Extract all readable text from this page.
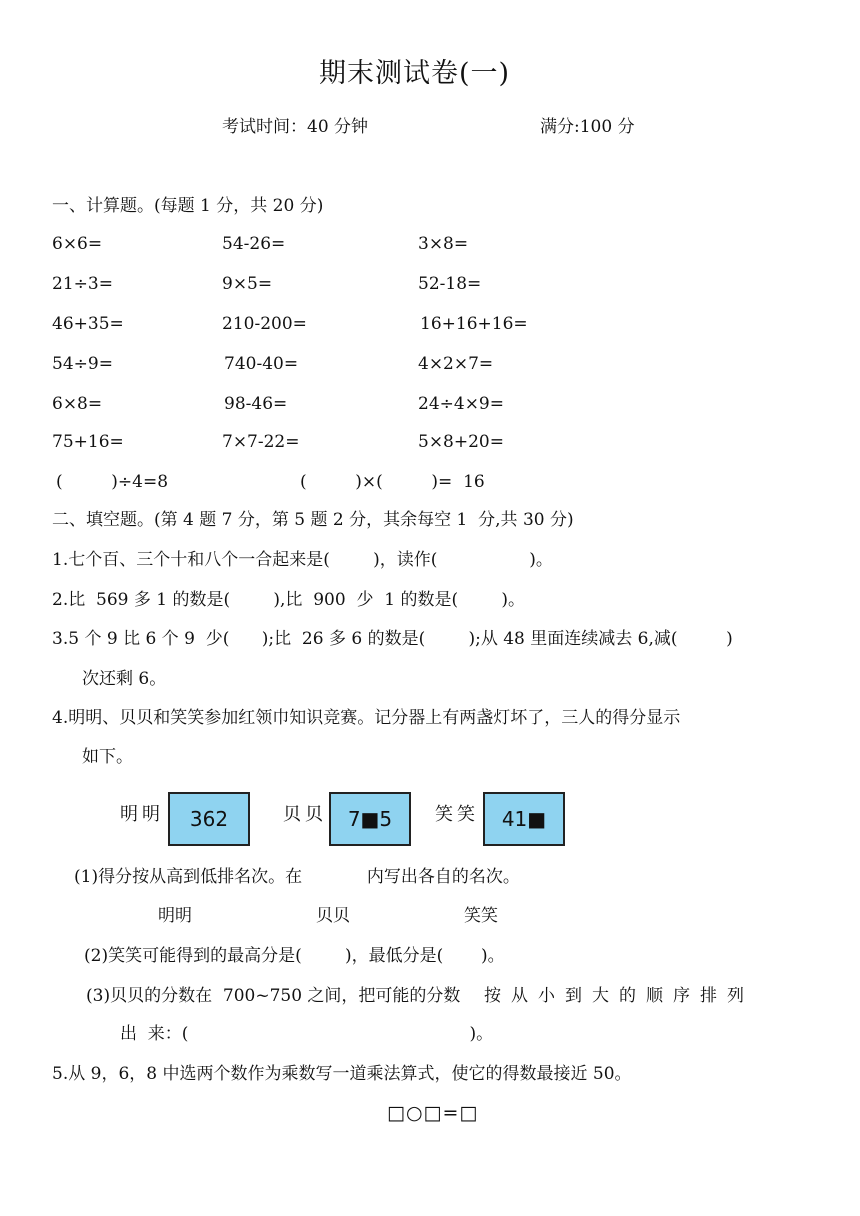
期末测试卷(一)
考试时间：40 分钟	满分:100 分
一、计算题。(每题 1 分，共 20 分)
6×6=	54-26=	3×8=
21÷3=	9×5=	52-18=
46+35=	210-200=	16+16+16=
54÷9=	740-40=	4×2×7=
6×8=	98-46=	24÷4×9=
75+16=	7×7-22=	5×8+20=
(         )÷4=8	(         )×(         )=  16
二、填空题。(第 4 题 7 分，第 5 题 2 分，其余每空 1  分,共 30 分)
1.七个百、三个十和八个一合起来是(        )，读作(                 )。
2.比  569 多 1 的数是(        ),比  900  少  1 的数是(        )。
3.5 个 9 比 6 个 9  少(      );比  26 多 6 的数是(        );从 48 里面连续减去 6,减(         )
次还剩 6。
4.明明、贝贝和笑笑参加红领巾知识竞赛。记分器上有两盏灯坏了，三人的得分显示
如下。
明明 362	贝贝 7■5 笑笑 41■
(1)得分按从高到低排名次。在            内写出各自的名次。
明明	贝贝	笑笑
(2)笑笑可能得到的最高分是(        )，最低分是(       )。
(3)贝贝的分数在  700~750 之间，把可能的分数 按从小到大的顺序排列
出  来：(                                                    )。
5.从 9，6，8 中选两个数作为乘数写一道乘法算式，使它的得数最接近 50。
□○□=□
